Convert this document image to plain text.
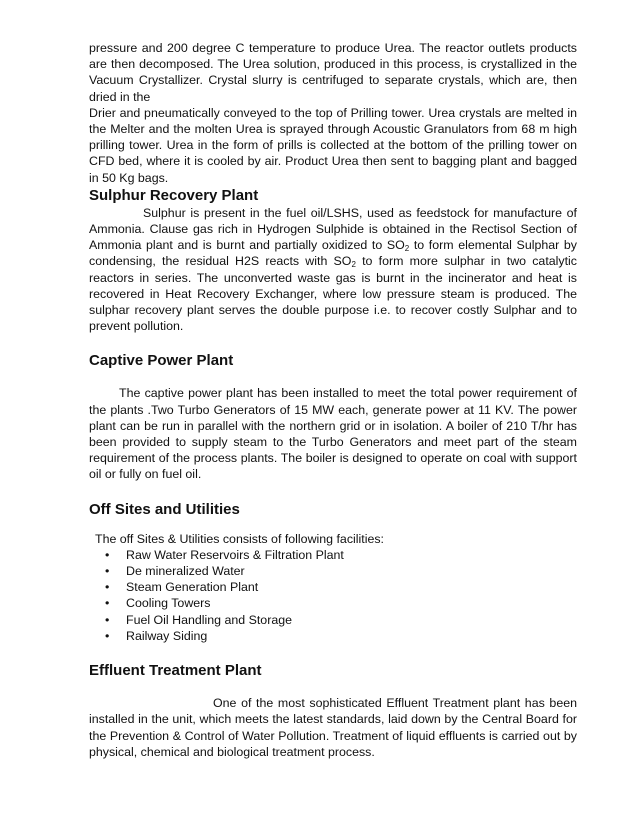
pressure and 200 degree C temperature to produce Urea. The reactor outlets products are then decomposed. The Urea solution, produced in this process, is crystallized in the Vacuum Crystallizer. Crystal slurry is centrifuged to separate crystals, which are, then dried in the

Drier and pneumatically conveyed to the top of Prilling tower. Urea crystals are melted in the Melter and the molten Urea is sprayed through Acoustic Granulators from 68 m high prilling tower. Urea in the form of prills is collected at the bottom of the prilling tower on CFD bed, where it is cooled by air. Product Urea then sent to bagging plant and bagged in 50 Kg bags.

Sulphur Recovery Plant

Sulphur is present in the fuel oil/LSHS, used as feedstock for manufacture of Ammonia. Clause gas rich in Hydrogen Sulphide is obtained in the Rectisol Section of Ammonia plant and is burnt and partially oxidized to $SO_2$ to form elemental Sulphar by condensing, the residual H2S reacts with $SO_2$ to form more sulphar in two catalytic reactors in series. The unconverted waste gas is burnt in the incinerator and heat is recovered in Heat Recovery Exchanger, where low pressure steam is produced. The sulphar recovery plant serves the double purpose i.e. to recover costly Sulphar and to prevent pollution.

Captive Power Plant

The captive power plant has been installed to meet the total power requirement of the plants .Two Turbo Generators of 15 MW each, generate power at 11 KV. The power plant can be run in parallel with the northern grid or in isolation. A boiler of 210 T/hr has been provided to supply steam to the Turbo Generators and meet part of the steam requirement of the process plants. The boiler is designed to operate on coal with support oil or fully on fuel oil.

Off Sites and Utilities

The off Sites & Utilities consists of following facilities:

• Raw Water Reservoirs & Filtration Plant
• De mineralized Water
• Steam Generation Plant
• Cooling Towers
• Fuel Oil Handling and Storage
• Railway Siding
Effluent Treatment Plant

One of the most sophisticated Effluent Treatment plant has been installed in the unit, which meets the latest standards, laid down by the Central Board for the Prevention & Control of Water Pollution. Treatment of liquid effluents is carried out by physical, chemical and biological treatment process.
